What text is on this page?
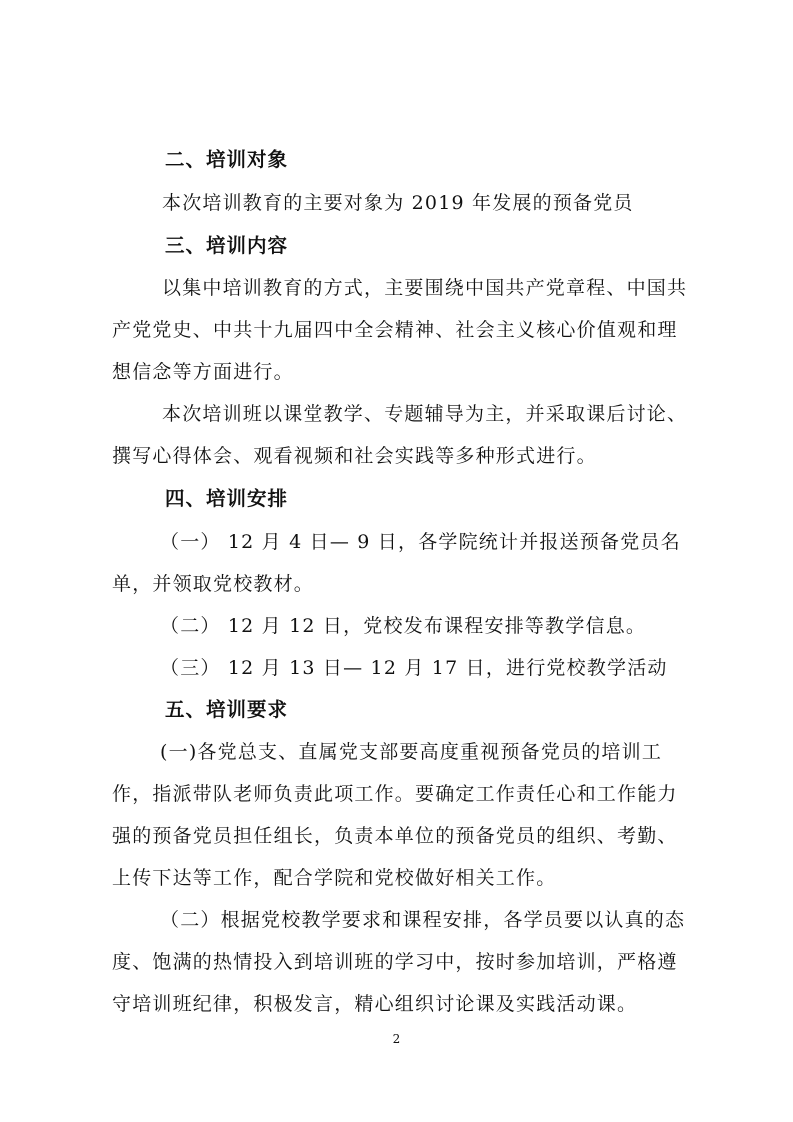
二、培训对象

本次培训教育的主要对象为 2019 年发展的预备党员

三、培训内容

以集中培训教育的方式，主要围绕中国共产党章程、中国共

产党党史、中共十九届四中全会精神、社会主义核心价值观和理

想信念等方面进行。

本次培训班以课堂教学、专题辅导为主，并采取课后讨论、

撰写心得体会、观看视频和社会实践等多种形式进行。

四、培训安排

（一） 12 月 4 日— 9 日，各学院统计并报送预备党员名

单，并领取党校教材。

（二） 12 月 12 日，党校发布课程安排等教学信息。

（三） 12 月 13 日— 12 月 17 日，进行党校教学活动

五、培训要求

(一)各党总支、直属党支部要高度重视预备党员的培训工

作，指派带队老师负责此项工作。要确定工作责任心和工作能力

强的预备党员担任组长，负责本单位的预备党员的组织、考勤、

上传下达等工作，配合学院和党校做好相关工作。

（二）根据党校教学要求和课程安排，各学员要以认真的态

度、饱满的热情投入到培训班的学习中，按时参加培训，严格遵

守培训班纪律，积极发言，精心组织讨论课及实践活动课。

2
